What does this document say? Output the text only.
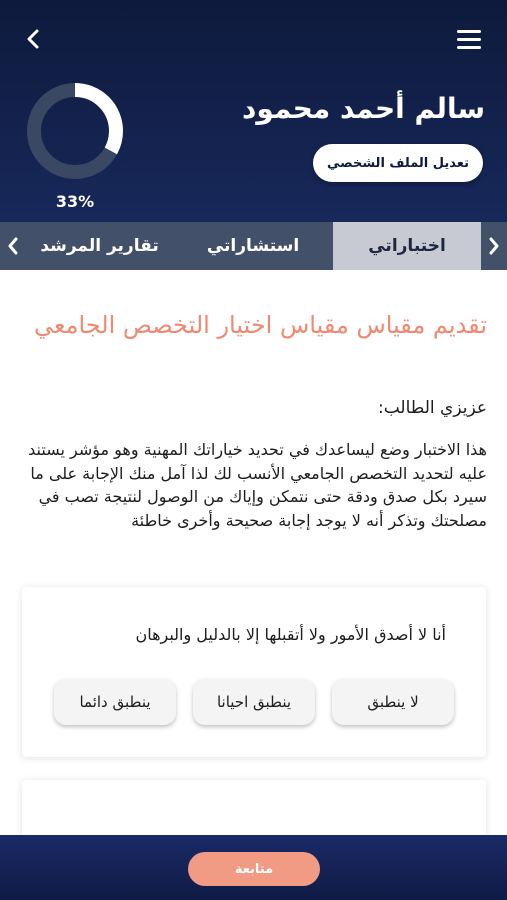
33%
سالم أحمد محمود
تعديل الملف الشخصي
اختباراتي
استشاراتي
تقارير المرشد
تقديم مقياس مقياس اختيار التخصص الجامعي
عزيزي الطالب:
هذا الاختبار وضع ليساعدك في تحديد خياراتك المهنية وهو مؤشر يستند عليه لتحديد التخصص الجامعي الأنسب لك لذا آمل منك الإجابة على ما سيرد بكل صدق ودقة حتى نتمكن وإياك من الوصول لنتيجة تصب في مصلحتك وتذكر أنه لا يوجد إجابة صحيحة وأخرى خاطئة
أنا لا أصدق الأمور ولا أتقبلها إلا بالدليل والبرهان
لا ينطبق
ينطبق احيانا
ينطبق دائما
متابعة
